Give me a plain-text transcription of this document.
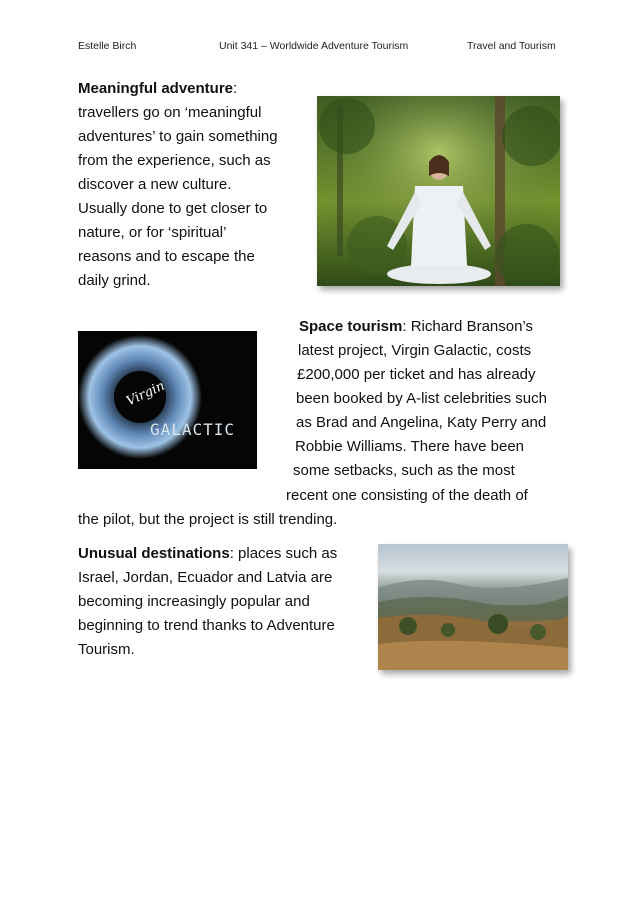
Estelle Birch	Unit 341 – Worldwide Adventure Tourism	Travel and Tourism
Meaningful adventure:
travellers go on ‘meaningful
adventures’ to gain something
from the experience, such as
discover a new culture.
Usually done to get closer to
nature, or for ‘spiritual’
reasons and to escape the
daily grind.
Virgin
GALACTIC
Space tourism: Richard Branson’s
latest project, Virgin Galactic, costs
£200,000 per ticket and has already
been booked by A-list celebrities such
as Brad and Angelina, Katy Perry and
Robbie Williams. There have been
some setbacks, such as the most
recent one consisting of the death of
the pilot, but the project is still trending.
Unusual destinations: places such as
Israel, Jordan, Ecuador and Latvia are
becoming increasingly popular and
beginning to trend thanks to Adventure
Tourism.
